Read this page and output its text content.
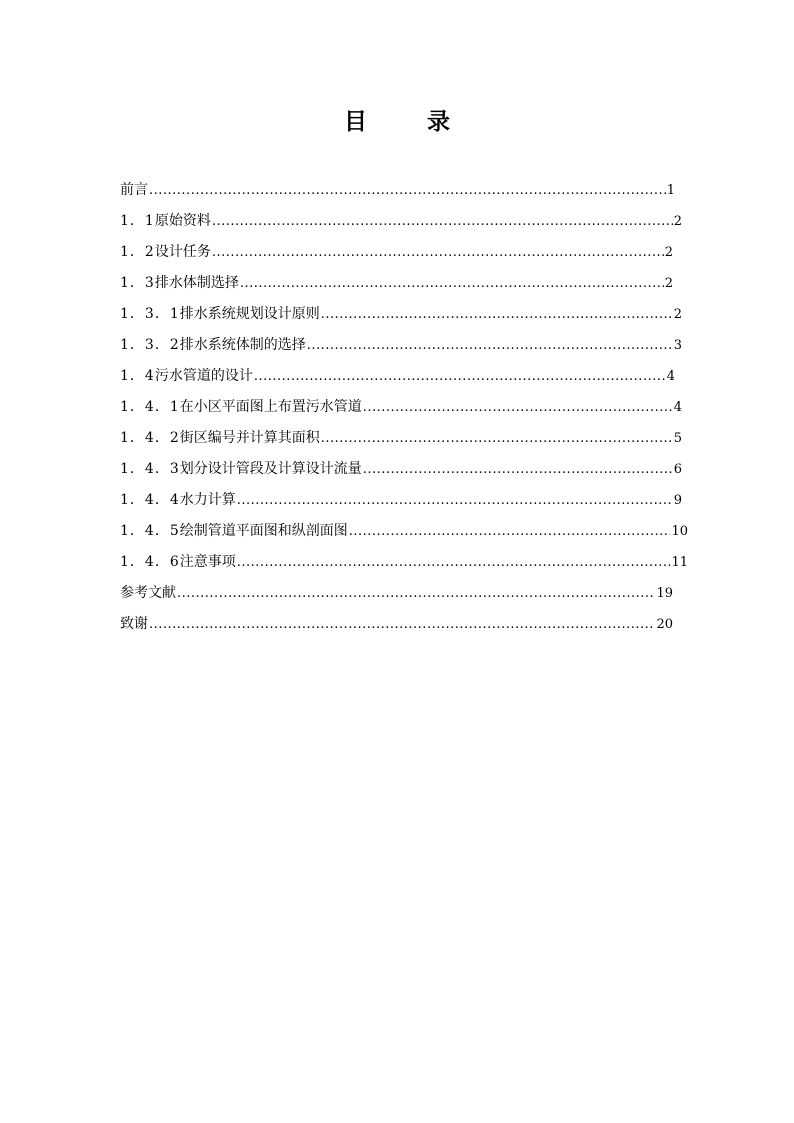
目 录
前言 .....	1
1．1 原始资料 .....	2
1．2 设计任务 .....	2
1．3 排水体制选择 .....	2
1．3．1 排水系统规划设计原则 .....	2
1．3．2 排水系统体制的选择 .....	3
1．4 污水管道的设计 .....	4
1．4．1 在小区平面图上布置污水管道 .....	4
1．4．2 街区编号并计算其面积 .....	5
1．4．3 划分设计管段及计算设计流量 .....	6
1．4．4 水力计算 .....	9
1．4．5 绘制管道平面图和纵剖面图 .....	10
1．4．6 注意事项 .....	11
参考文献 .....	19
致谢 .....	20
